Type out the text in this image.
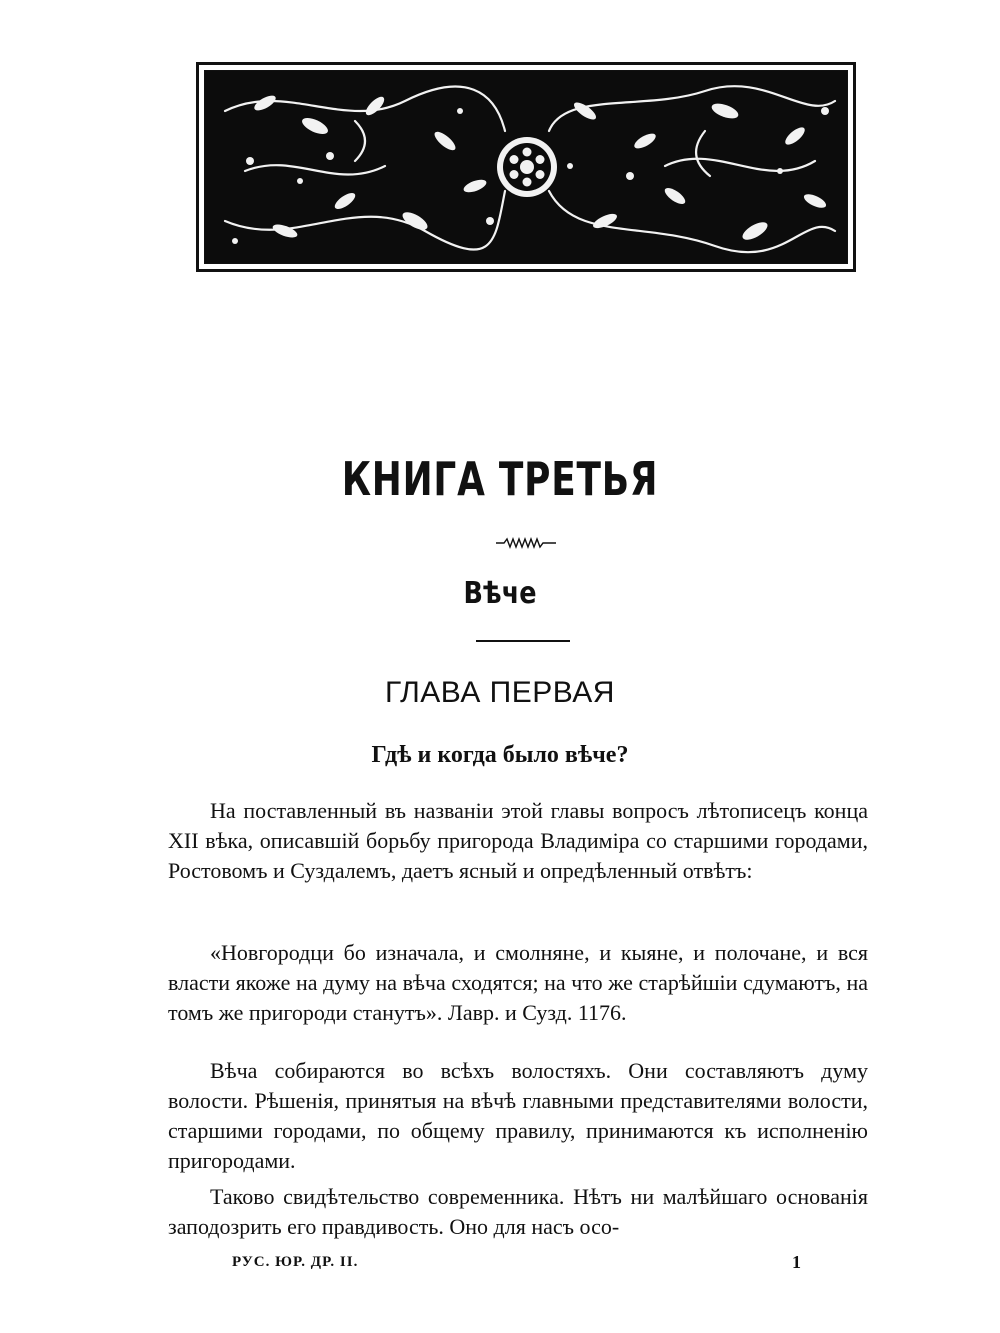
КНИГА ТРЕТЬЯ
Вѣче
ГЛАВА ПЕРВАЯ
Гдѣ и когда было вѣче?

На поставленный въ названіи этой главы вопросъ лѣтописецъ конца XII вѣка, описавшій борьбу пригорода Владиміра со старшими городами, Ростовомъ и Суздалемъ, даетъ ясный и опредѣленный отвѣтъ:

«Новгородци бо изначала, и смолняне, и кыяне, и полочане, и вся власти якоже на думу на вѣча сходятся; на что же старѣйшіи сдумаютъ, на томъ же пригороди станутъ». Лавр. и Сузд. 1176.

Вѣча собираются во всѣхъ волостяхъ. Они составляютъ думу волости. Рѣшенія, принятыя на вѣчѣ главными представителями волости, старшими городами, по общему правилу, принимаются къ исполненію пригородами.

Таково свидѣтельство современника. Нѣтъ ни малѣйшаго основанія заподозрить его правдивость. Оно для насъ осо-

РУС. ЮР. ДР. II.	1
